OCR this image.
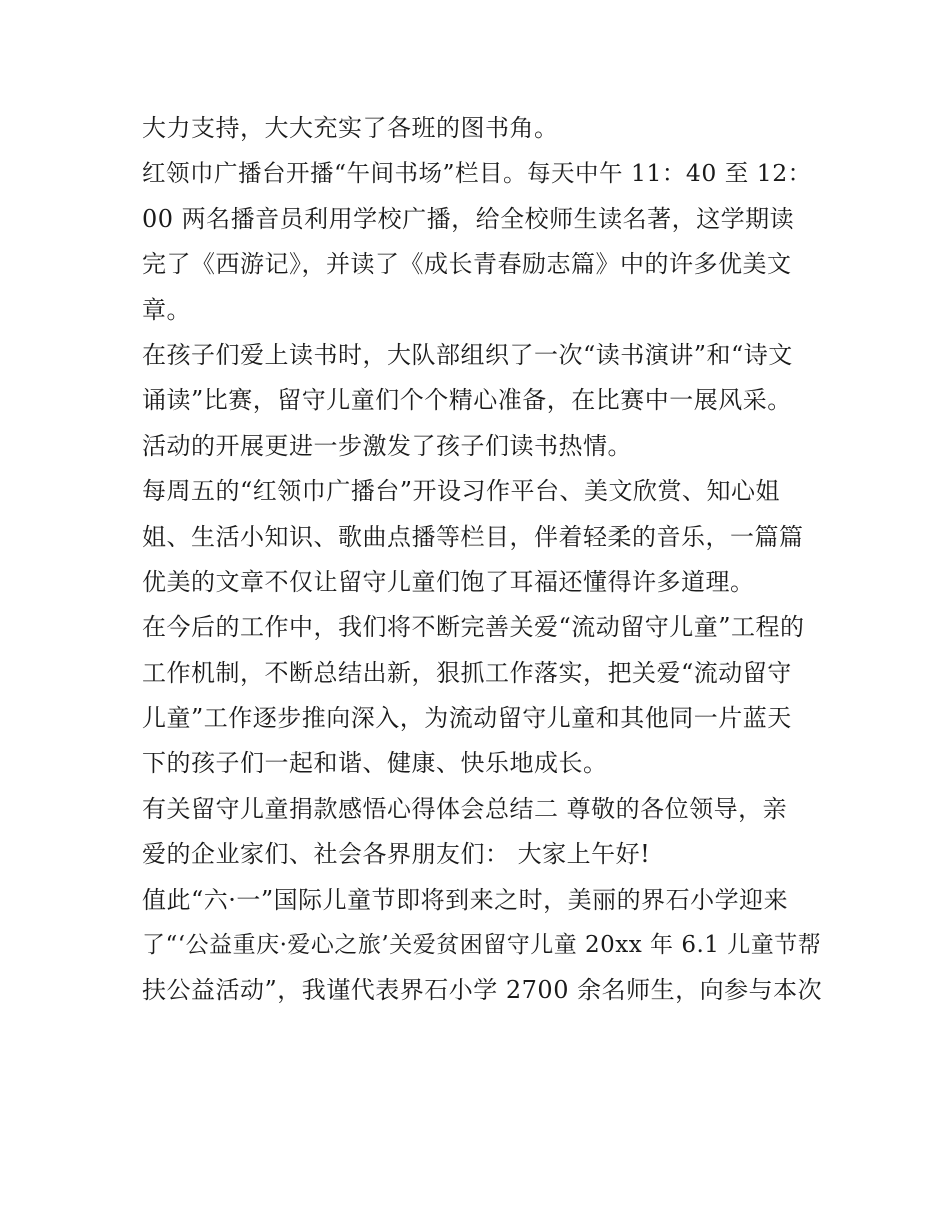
大力支持，大大充实了各班的图书角。
红领巾广播台开播“午间书场”栏目。每天中午 11：40 至 12：
00 两名播音员利用学校广播，给全校师生读名著，这学期读
完了《西游记》，并读了《成长青春励志篇》中的许多优美文
章。
在孩子们爱上读书时，大队部组织了一次“读书演讲”和“诗文
诵读”比赛，留守儿童们个个精心准备，在比赛中一展风采。
活动的开展更进一步激发了孩子们读书热情。
每周五的“红领巾广播台”开设习作平台、美文欣赏、知心姐
姐、生活小知识、歌曲点播等栏目，伴着轻柔的音乐，一篇篇
优美的文章不仅让留守儿童们饱了耳福还懂得许多道理。
在今后的工作中，我们将不断完善关爱“流动留守儿童”工程的
工作机制，不断总结出新，狠抓工作落实，把关爱“流动留守
儿童”工作逐步推向深入，为流动留守儿童和其他同一片蓝天
下的孩子们一起和谐、健康、快乐地成长。
有关留守儿童捐款感悟心得体会总结二 尊敬的各位领导，亲
爱的企业家们、社会各界朋友们： 大家上午好!
值此“六·一”国际儿童节即将到来之时，美丽的界石小学迎来
了“‘公益重庆·爱心之旅’关爱贫困留守儿童 20xx 年 6.1 儿童节帮
扶公益活动”，我谨代表界石小学 2700 余名师生，向参与本次
